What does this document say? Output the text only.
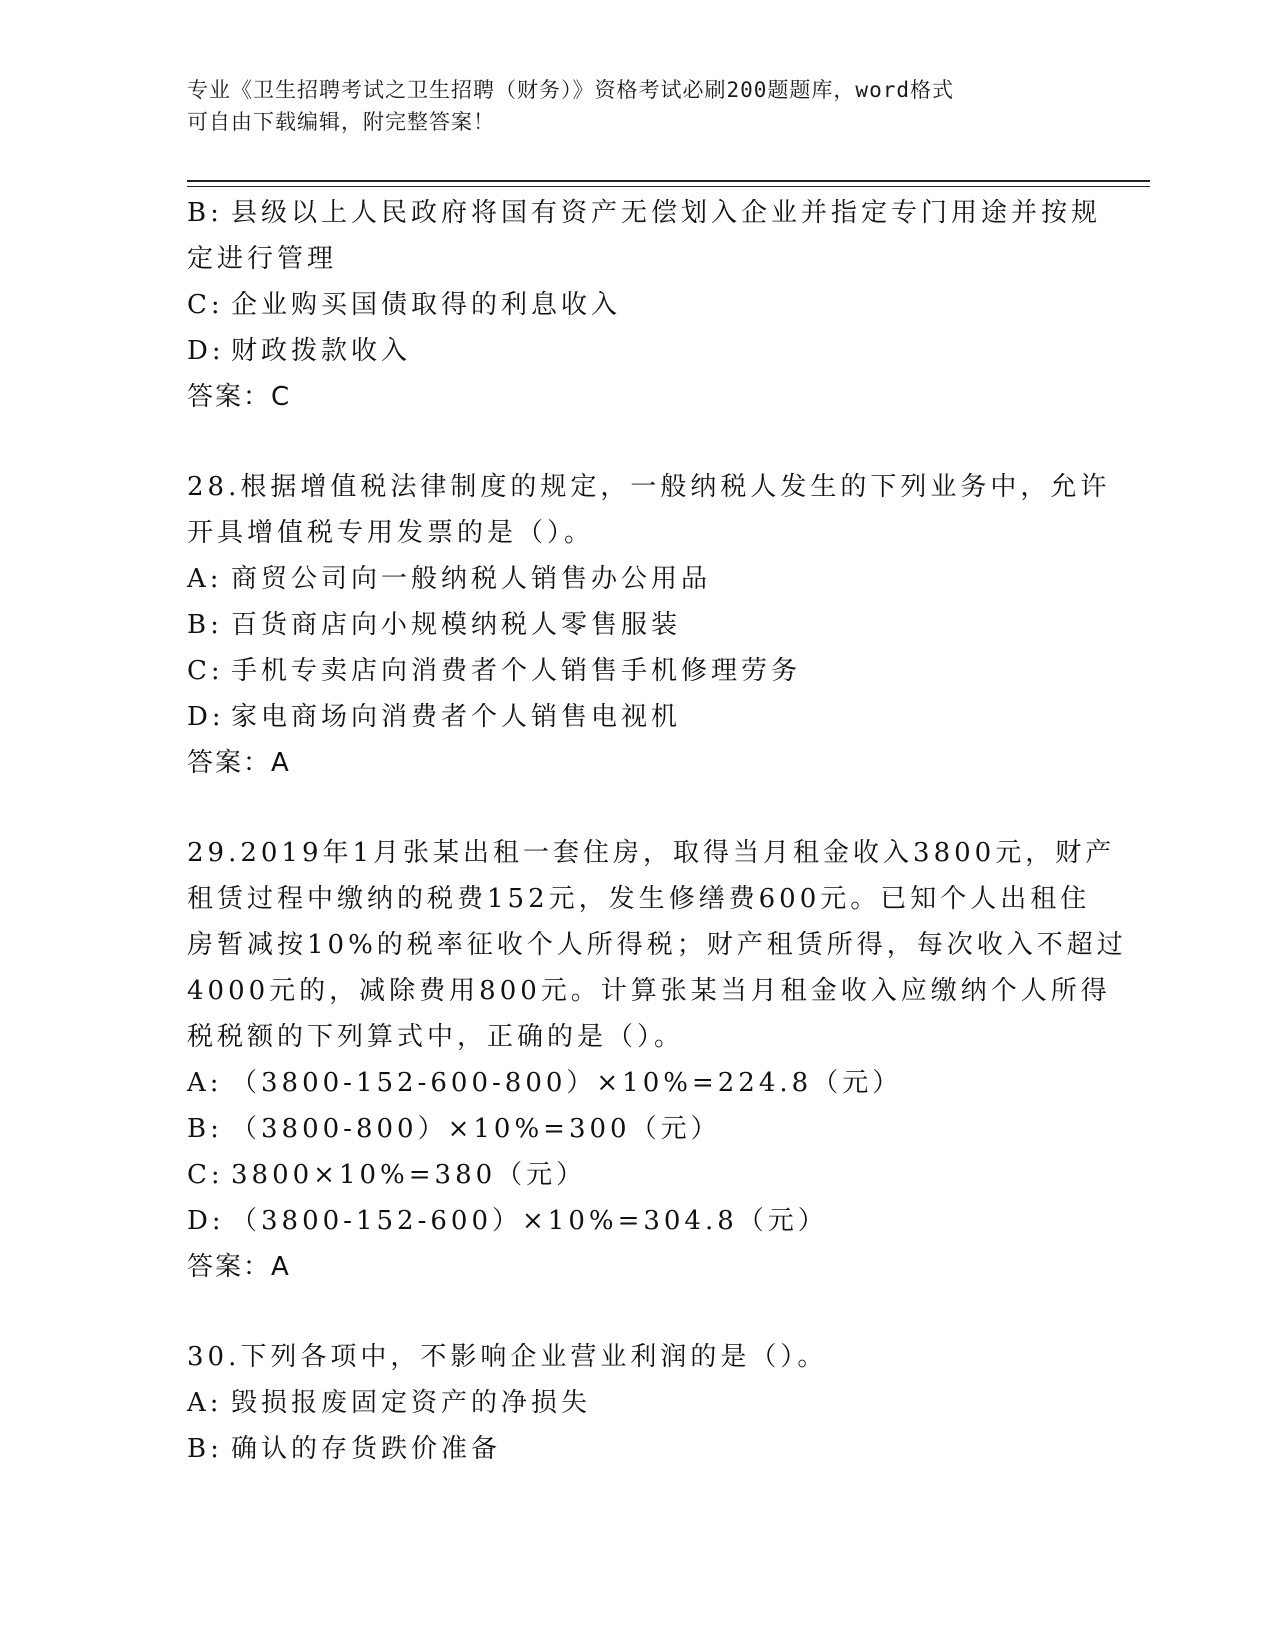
专业《卫生招聘考试之卫生招聘（财务）》资格考试必刷200题题库，word格式
可自由下载编辑，附完整答案！

B: 县级以上人民政府将国有资产无偿划入企业并指定专门用途并按规

定进行管理

C: 企业购买国债取得的利息收入

D: 财政拨款收入

答案：C

28.根据增值税法律制度的规定，一般纳税人发生的下列业务中，允许

开具增值税专用发票的是（）。

A: 商贸公司向一般纳税人销售办公用品

B: 百货商店向小规模纳税人零售服装

C: 手机专卖店向消费者个人销售手机修理劳务

D: 家电商场向消费者个人销售电视机

答案：A

29.2019年1月张某出租一套住房，取得当月租金收入3800元，财产

租赁过程中缴纳的税费152元，发生修缮费600元。已知个人出租住

房暂减按10%的税率征收个人所得税；财产租赁所得，每次收入不超过

4000元的，减除费用800元。计算张某当月租金收入应缴纳个人所得

税税额的下列算式中，正确的是（）。

A: （3800-152-600-800）×10%=224.8（元）

B: （3800-800）×10%=300（元）

C: 3800×10%=380（元）

D: （3800-152-600）×10%=304.8（元）

答案：A

30.下列各项中，不影响企业营业利润的是（）。

A: 毁损报废固定资产的净损失

B: 确认的存货跌价准备
